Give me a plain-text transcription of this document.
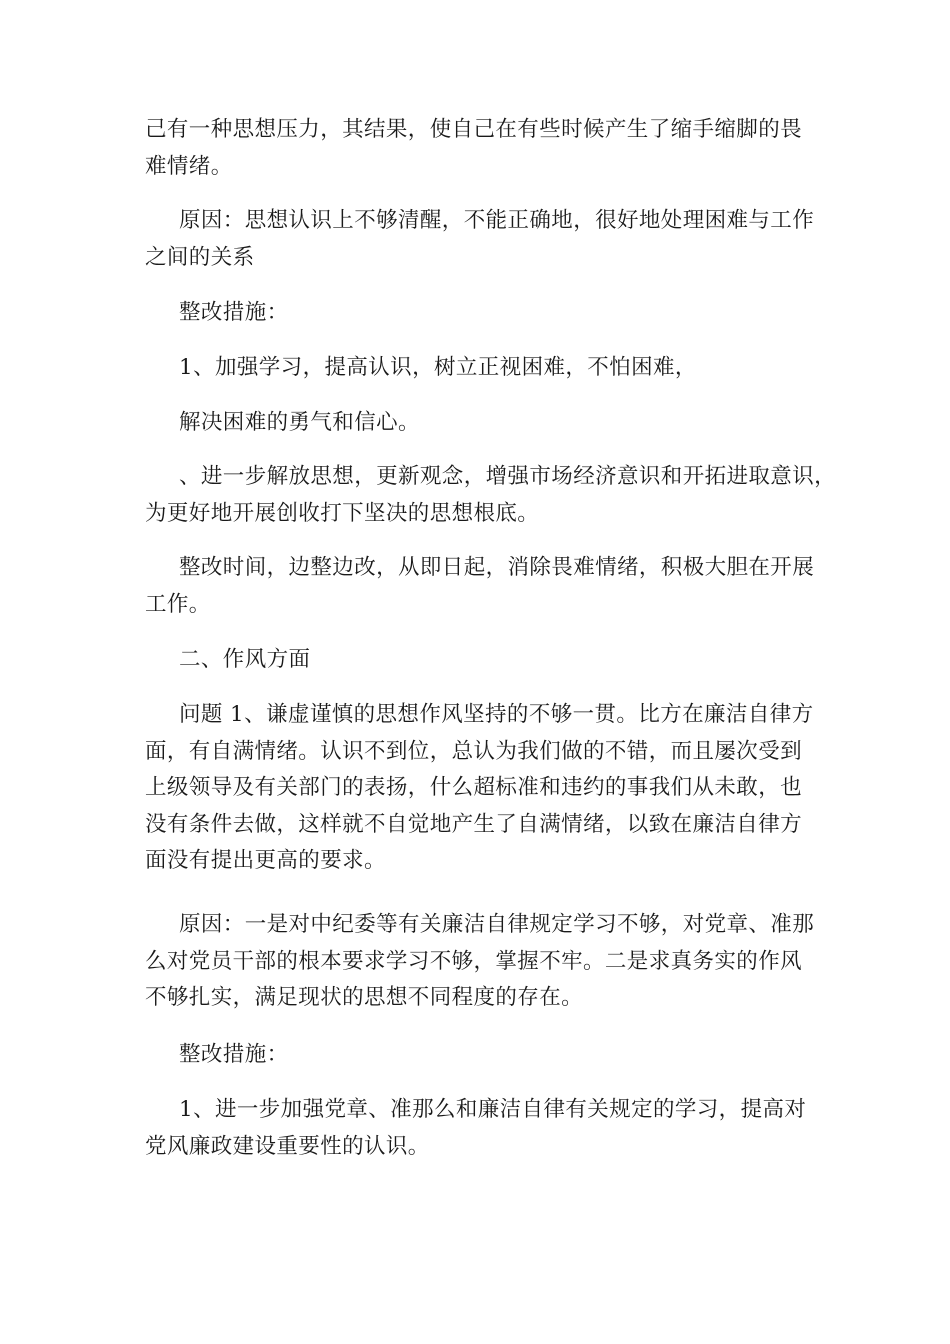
己有一种思想压力，其结果，使自己在有些时候产生了缩手缩脚的畏
难情绪。
原因：思想认识上不够清醒，不能正确地，很好地处理困难与工作
之间的关系
整改措施：
1、加强学习，提高认识，树立正视困难，不怕困难，
解决困难的勇气和信心。
、进一步解放思想，更新观念，增强市场经济意识和开拓进取意识，
为更好地开展创收打下坚决的思想根底。
整改时间，边整边改，从即日起，消除畏难情绪，积极大胆在开展
工作。
二、作风方面
问题 1、谦虚谨慎的思想作风坚持的不够一贯。比方在廉洁自律方
面，有自满情绪。认识不到位，总认为我们做的不错，而且屡次受到
上级领导及有关部门的表扬，什么超标准和违约的事我们从未敢，也
没有条件去做，这样就不自觉地产生了自满情绪，以致在廉洁自律方
面没有提出更高的要求。
原因：一是对中纪委等有关廉洁自律规定学习不够，对党章、准那
么对党员干部的根本要求学习不够，掌握不牢。二是求真务实的作风
不够扎实，满足现状的思想不同程度的存在。
整改措施：
1、进一步加强党章、准那么和廉洁自律有关规定的学习，提高对
党风廉政建设重要性的认识。
